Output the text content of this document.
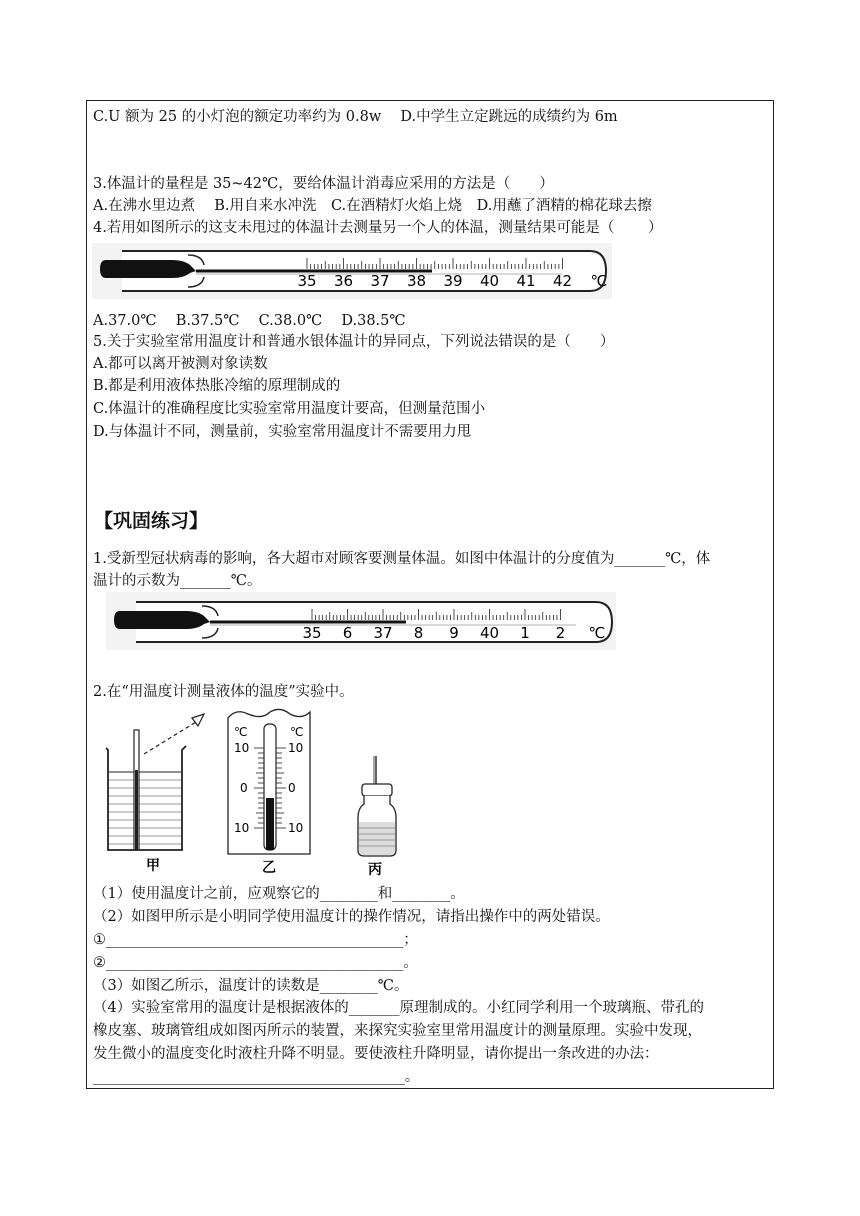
C.U 额为 25 的小灯泡的额定功率约为 0.8w　 D.中学生立定跳远的成绩约为 6m
3.体温计的量程是 35~42℃，要给体温计消毒应采用的方法是（　　）
A.在沸水里边煮　 B.用自来水冲洗　C.在酒精灯火焰上烧　D.用蘸了酒精的棉花球去擦
4.若用如图所示的这支未甩过的体温计去测量另一个人的体温，测量结果可能是（　　 ）
35 36 37 38 39 40 41 42 ℃
A.37.0℃　 B.37.5℃　 C.38.0℃　 D.38.5℃
5.关于实验室常用温度计和普通水银体温计的异同点，下列说法错误的是（　　）
A.都可以离开被测对象读数
B.都是利用液体热胀冷缩的原理制成的
C.体温计的准确程度比实验室常用温度计要高，但测量范围小
D.与体温计不同，测量前，实验室常用温度计不需要用力甩
【巩固练习】
1.受新型冠状病毒的影响，各大超市对顾客要测量体温。如图中体温计的分度值为_______℃，体
温计的示数为_______℃。
35 6 37 8 9 40 1 2 ℃
2.在“用温度计测量液体的温度”实验中。
甲
℃	℃
10	10
0	0
10	10
乙	丙
（1）使用温度计之前，应观察它的________和________。
（2）如图甲所示是小明同学使用温度计的操作情况，请指出操作中的两处错误。
①_________________________________________；
②_________________________________________。
（3）如图乙所示，温度计的读数是________℃。
（4）实验室常用的温度计是根据液体的_______原理制成的。小红同学利用一个玻璃瓶、带孔的
橡皮塞、玻璃管组成如图丙所示的装置，来探究实验室里常用温度计的测量原理。实验中发现，
发生微小的温度变化时液柱升降不明显。要使液柱升降明显，请你提出一条改进的办法：
___________________________________________。
